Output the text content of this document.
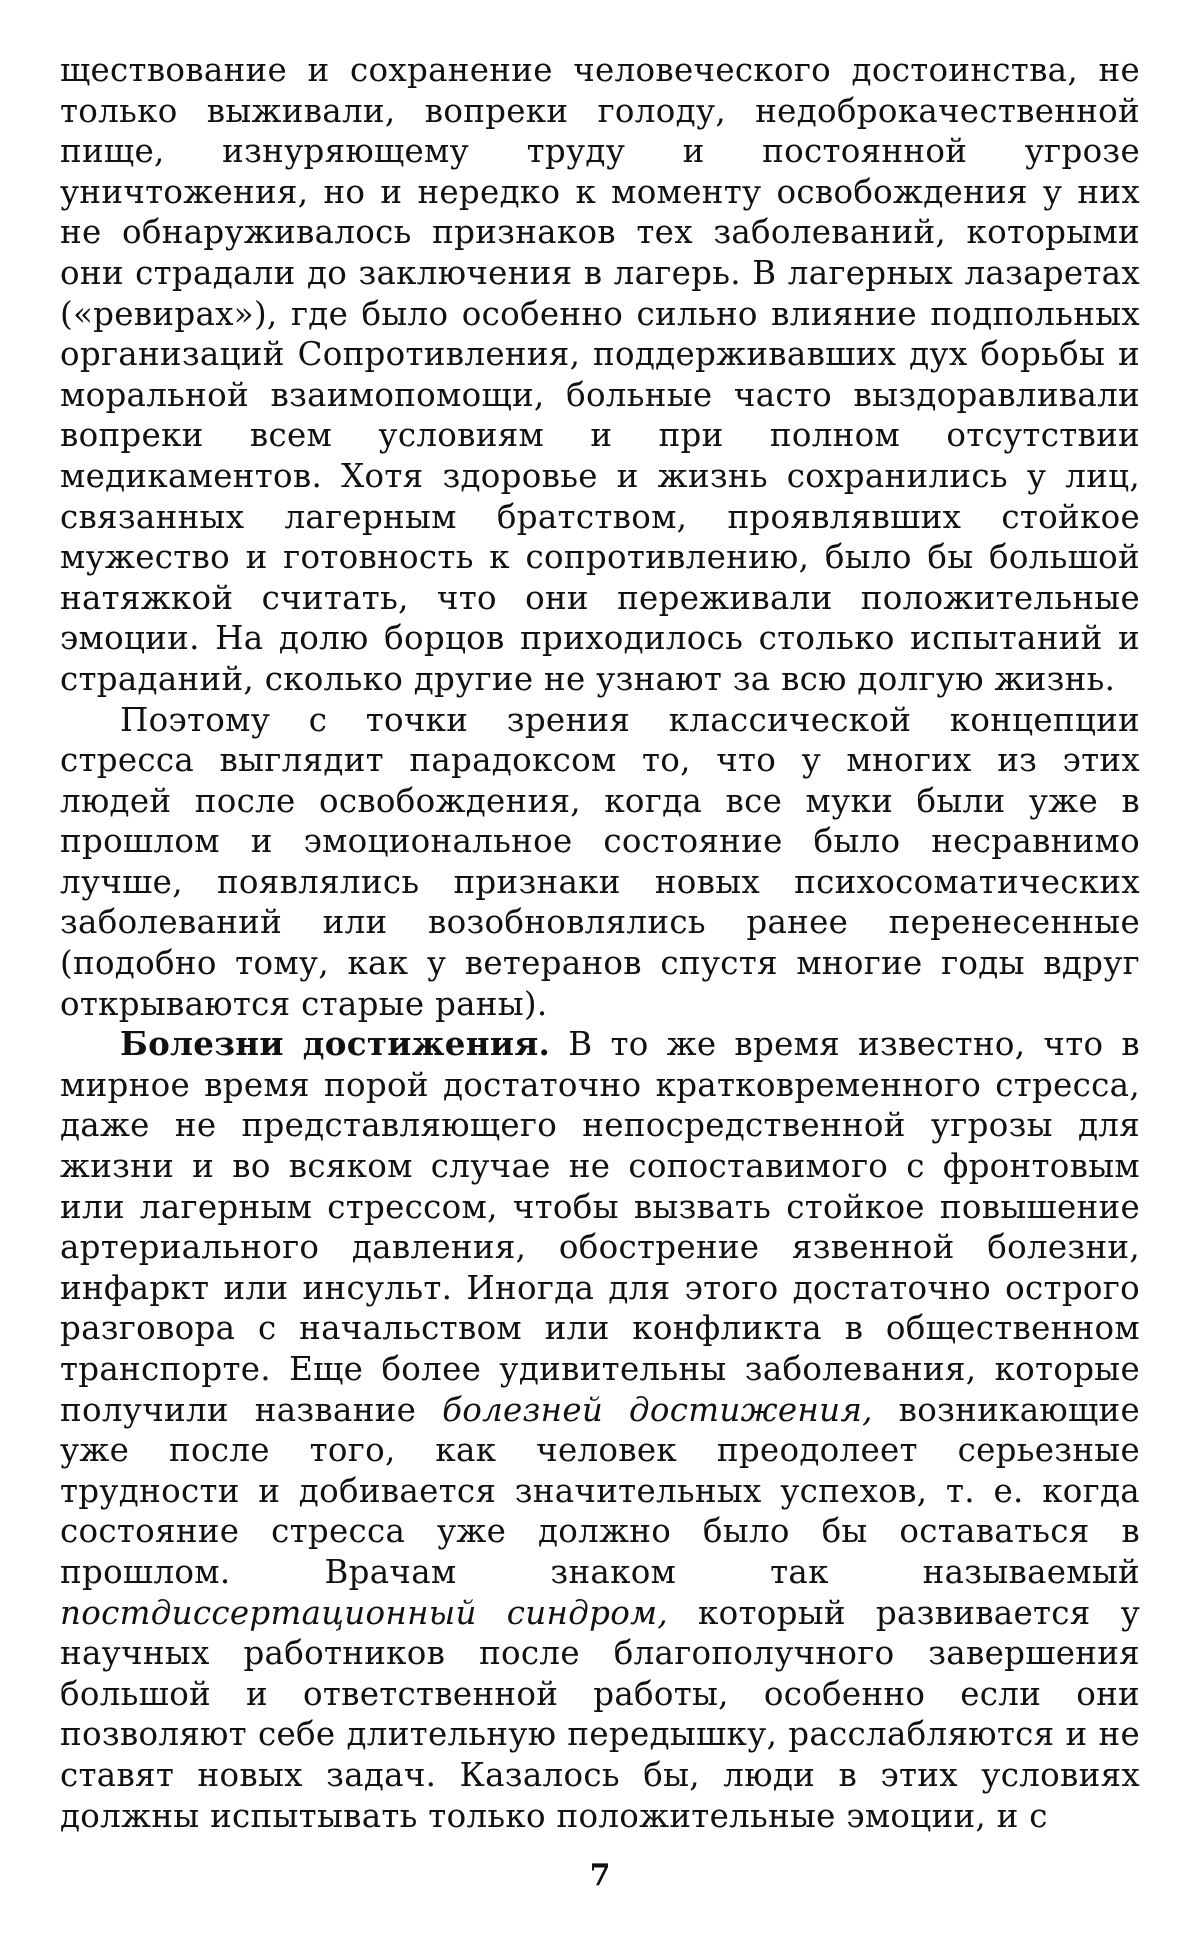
ществование и сохранение человеческого достоинства, не только выживали, вопреки голоду, недоброкачественной пище, изнуряющему труду и постоянной угрозе уничтожения, но и нередко к моменту освобождения у них не обнаруживалось признаков тех заболеваний, которыми они страдали до заключения в лагерь. В лагерных лазаретах («ревирах»), где было особенно сильно влияние подпольных организаций Сопротивления, поддерживавших дух борьбы и моральной взаимопомощи, больные часто выздоравливали вопреки всем условиям и при полном отсутствии медикаментов. Хотя здоровье и жизнь сохранились у лиц, связанных лагерным братством, проявлявших стойкое мужество и готовность к сопротивлению, было бы большой натяжкой считать, что они переживали положительные эмоции. На долю борцов приходилось столько испытаний и страданий, сколько другие не узнают за всю долгую жизнь.

Поэтому с точки зрения классической концепции стресса выглядит парадоксом то, что у многих из этих людей после освобождения, когда все муки были уже в прошлом и эмоциональное состояние было несравнимо лучше, появлялись признаки новых психосоматических заболеваний или возобновлялись ранее перенесенные (подобно тому, как у ветеранов спустя многие годы вдруг открываются старые раны).

Болезни достижения. В то же время известно, что в мирное время порой достаточно кратковременного стресса, даже не представляющего непосредственной угрозы для жизни и во всяком случае не сопоставимого с фронтовым или лагерным стрессом, чтобы вызвать стойкое повышение артериального давления, обострение язвенной болезни, инфаркт или инсульт. Иногда для этого достаточно острого разговора с начальством или конфликта в общественном транспорте. Еще более удивительны заболевания, которые получили название болезней достижения, возникающие уже после того, как человек преодолеет серьезные трудности и добивается значительных успехов, т. е. когда состояние стресса уже должно было бы оставаться в прошлом. Врачам знаком так называемый постдиссертационный синдром, который развивается у научных работников после благополучного завершения большой и ответственной работы, особенно если они позволяют себе длительную передышку, расслабляются и не ставят новых задач. Казалось бы, люди в этих условиях должны испытывать только положительные эмоции, и с

7
